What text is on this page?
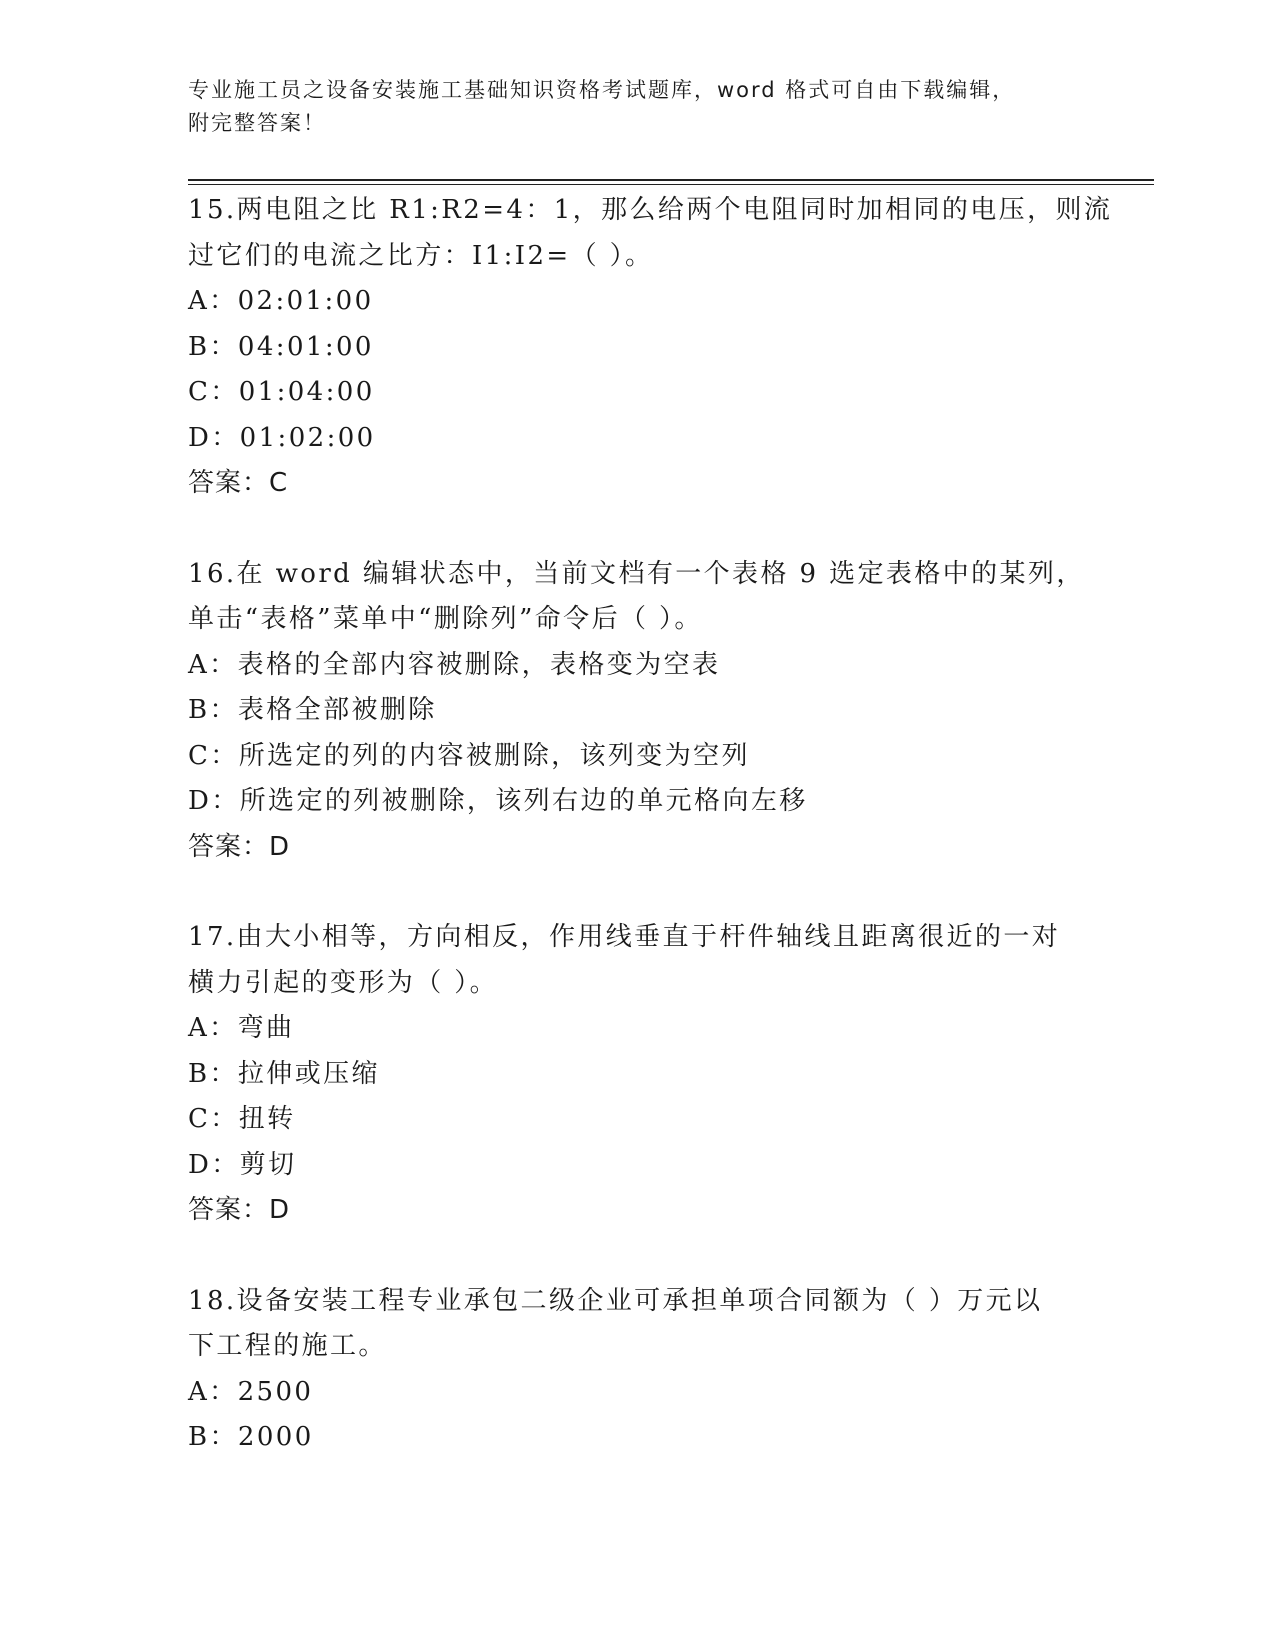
专业施工员之设备安装施工基础知识资格考试题库，word 格式可自由下载编辑，
附完整答案！
15.两电阻之比 R1:R2=4：1，那么给两个电阻同时加相同的电压，则流
过它们的电流之比方：I1:I2=（ ）。
A：02:01:00
B：04:01:00
C：01:04:00
D：01:02:00
答案：C
16.在 word 编辑状态中，当前文档有一个表格 9 选定表格中的某列，
单击“表格”菜单中“删除列”命令后（ ）。
A：表格的全部内容被删除，表格变为空表
B：表格全部被删除
C：所选定的列的内容被删除，该列变为空列
D：所选定的列被删除，该列右边的单元格向左移
答案：D
17.由大小相等，方向相反，作用线垂直于杆件轴线且距离很近的一对
横力引起的变形为（ ）。
A：弯曲
B：拉伸或压缩
C：扭转
D：剪切
答案：D
18.设备安装工程专业承包二级企业可承担单项合同额为（ ）万元以
下工程的施工。
A：2500
B：2000
